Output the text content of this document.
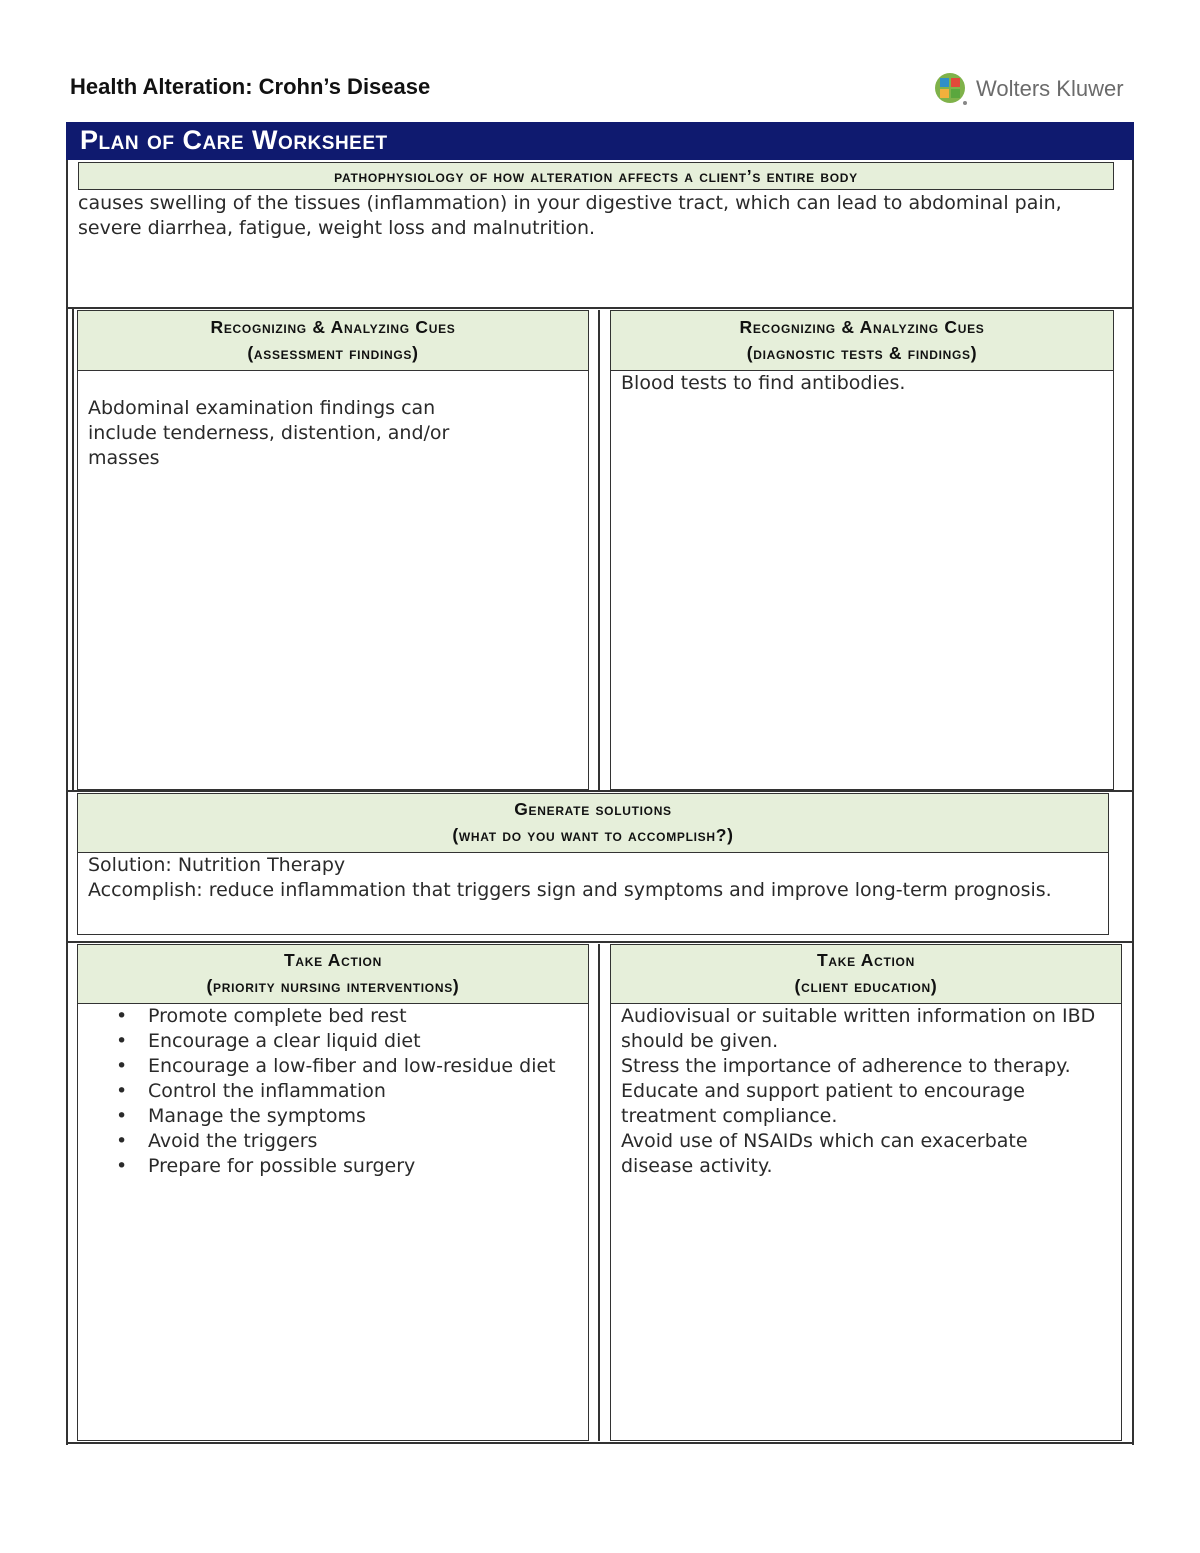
Health Alteration: Crohn’s Disease	Wolters Kluwer
Plan of Care Worksheet
pathophysiology of how alteration affects a client’s entire body
causes swelling of the tissues (inflammation) in your digestive tract, which can lead to abdominal pain, severe diarrhea, fatigue, weight loss and malnutrition.
Recognizing & Analyzing Cues
(assessment findings)
Abdominal examination findings can include tenderness, distention, and/or masses
Recognizing & Analyzing Cues
(diagnostic tests & findings)
Blood tests to find antibodies.
Generate solutions
(what do you want to accomplish?)
Solution: Nutrition Therapy
Accomplish: reduce inflammation that triggers sign and symptoms and improve long-term prognosis.
Take Action
(priority nursing interventions)
• Promote complete bed rest
• Encourage a clear liquid diet
• Encourage a low-fiber and low-residue diet
• Control the inflammation
• Manage the symptoms
• Avoid the triggers
• Prepare for possible surgery
Take Action
(client education)
Audiovisual or suitable written information on IBD should be given.
Stress the importance of adherence to therapy. Educate and support patient to encourage treatment compliance.
Avoid use of NSAIDs which can exacerbate disease activity.
